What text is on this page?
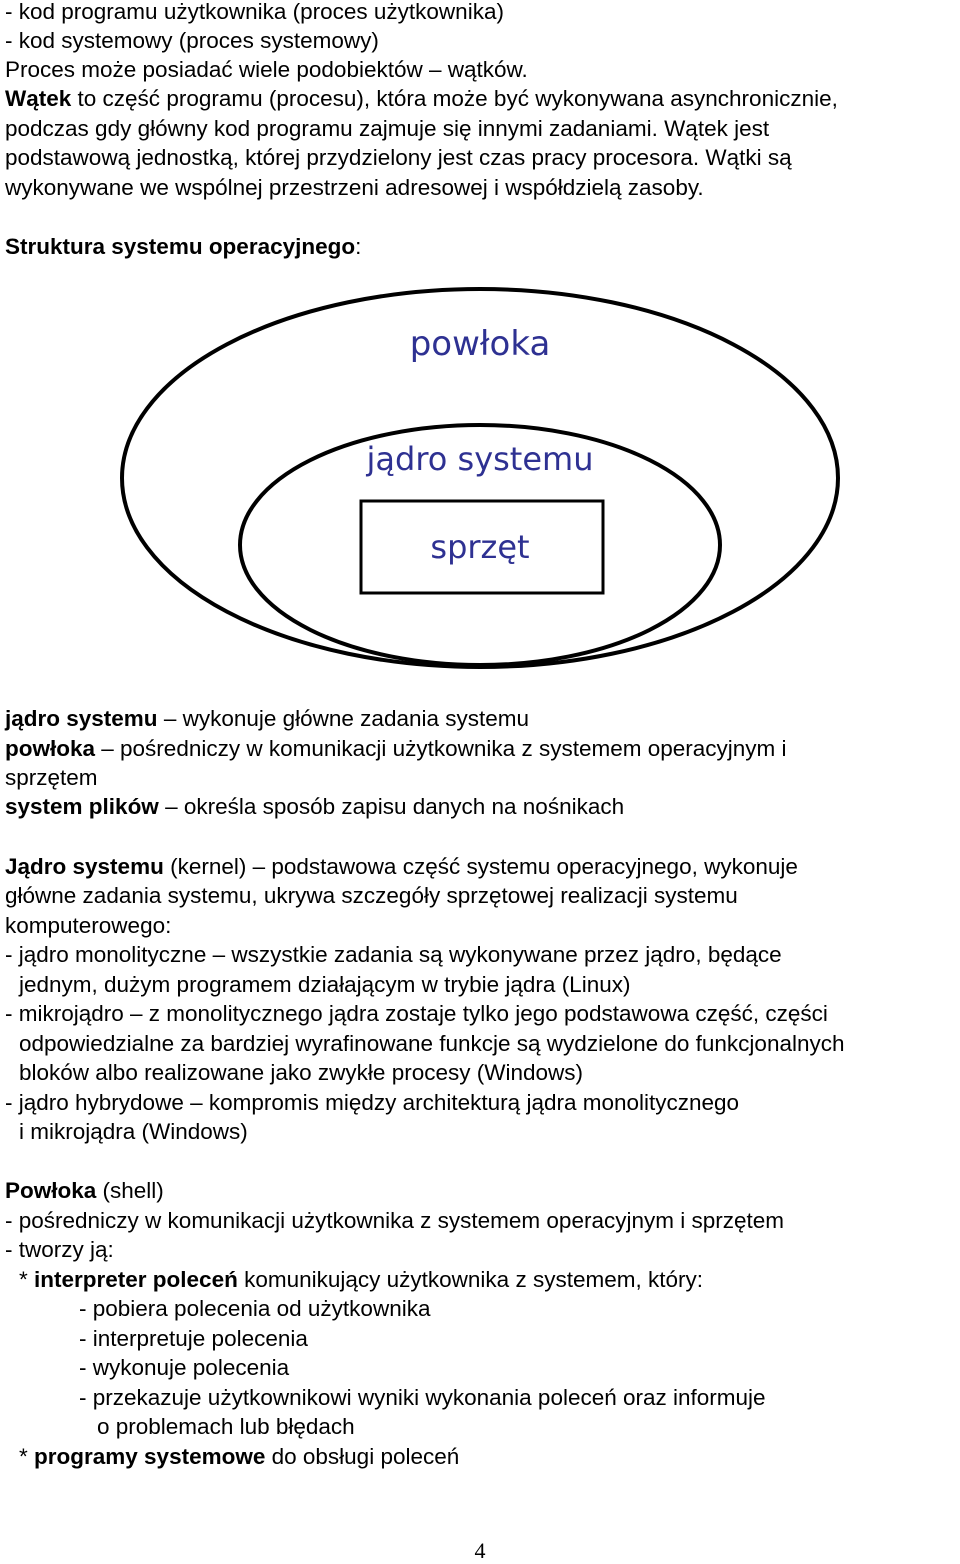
- kod programu użytkownika (proces użytkownika)

- kod systemowy (proces systemowy)

Proces może posiadać wiele podobiektów – wątków.

Wątek to część programu (procesu), która może być wykonywana asynchronicznie,

podczas gdy główny kod programu zajmuje się innymi zadaniami. Wątek jest

podstawową jednostką, której przydzielony jest czas pracy procesora. Wątki są

wykonywane we wspólnej przestrzeni adresowej i współdzielą zasoby.

Struktura systemu operacyjnego:

powłoka
jądro systemu
sprzęt

jądro systemu – wykonuje główne zadania systemu

powłoka – pośredniczy w komunikacji użytkownika z systemem operacyjnym i

sprzętem

system plików – określa sposób zapisu danych na nośnikach

Jądro systemu (kernel) – podstawowa część systemu operacyjnego, wykonuje

główne zadania systemu, ukrywa szczegóły sprzętowej realizacji systemu

komputerowego:

- jądro monolityczne – wszystkie zadania są wykonywane przez jądro, będące

jednym, dużym programem działającym w trybie jądra (Linux)

- mikrojądro – z monolitycznego jądra zostaje tylko jego podstawowa część, części

odpowiedzialne za bardziej wyrafinowane funkcje są wydzielone do funkcjonalnych

bloków albo realizowane jako zwykłe procesy (Windows)

- jądro hybrydowe – kompromis między architekturą jądra monolitycznego

i mikrojądra (Windows)

Powłoka (shell)

- pośredniczy w komunikacji użytkownika z systemem operacyjnym i sprzętem

- tworzy ją:

* interpreter poleceń komunikujący użytkownika z systemem, który:

- pobiera polecenia od użytkownika

- interpretuje polecenia

- wykonuje polecenia

- przekazuje użytkownikowi wyniki wykonania poleceń oraz informuje

o problemach lub błędach

* programy systemowe do obsługi poleceń

4
